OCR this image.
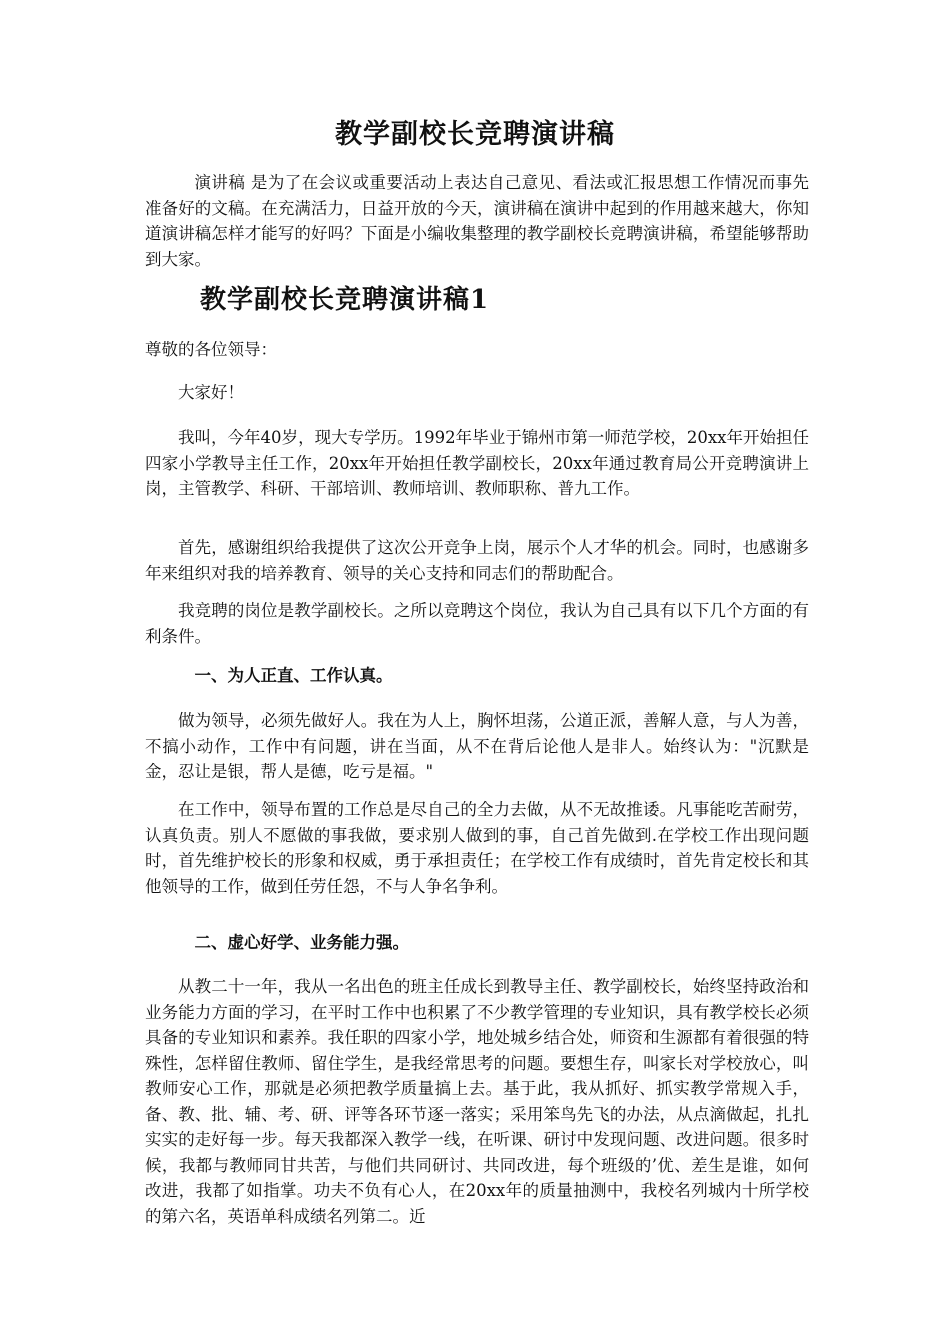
教学副校长竞聘演讲稿

演讲稿 是为了在会议或重要活动上表达自己意见、看法或汇报思想工作情况而事先准备好的文稿。在充满活力，日益开放的今天，演讲稿在演讲中起到的作用越来越大，你知道演讲稿怎样才能写的好吗？下面是小编收集整理的教学副校长竞聘演讲稿，希望能够帮助到大家。

教学副校长竞聘演讲稿1

尊敬的各位领导：

大家好！

我叫，今年40岁，现大专学历。1992年毕业于锦州市第一师范学校，20xx年开始担任四家小学教导主任工作，20xx年开始担任教学副校长，20xx年通过教育局公开竞聘演讲上岗，主管教学、科研、干部培训、教师培训、教师职称、普九工作。

首先，感谢组织给我提供了这次公开竞争上岗，展示个人才华的机会。同时，也感谢多年来组织对我的培养教育、领导的关心支持和同志们的帮助配合。

我竞聘的岗位是教学副校长。之所以竞聘这个岗位，我认为自己具有以下几个方面的有利条件。

一、为人正直、工作认真。

做为领导，必须先做好人。我在为人上，胸怀坦荡，公道正派，善解人意，与人为善，不搞小动作，工作中有问题，讲在当面，从不在背后论他人是非人。始终认为："沉默是金，忍让是银，帮人是德，吃亏是福。"

在工作中，领导布置的工作总是尽自己的全力去做，从不无故推诿。凡事能吃苦耐劳，认真负责。别人不愿做的事我做，要求别人做到的事，自己首先做到.在学校工作出现问题时，首先维护校长的形象和权威，勇于承担责任；在学校工作有成绩时，首先肯定校长和其他领导的工作，做到任劳任怨，不与人争名争利。

二、虚心好学、业务能力强。

从教二十一年，我从一名出色的班主任成长到教导主任、教学副校长，始终坚持政治和业务能力方面的学习，在平时工作中也积累了不少教学管理的专业知识，具有教学校长必须具备的专业知识和素养。我任职的四家小学，地处城乡结合处，师资和生源都有着很强的特殊性，怎样留住教师、留住学生，是我经常思考的问题。要想生存，叫家长对学校放心，叫教师安心工作，那就是必须把教学质量搞上去。基于此，我从抓好、抓实教学常规入手，备、教、批、辅、考、研、评等各环节逐一落实；采用笨鸟先飞的办法，从点滴做起，扎扎实实的走好每一步。每天我都深入教学一线，在听课、研讨中发现问题、改进问题。很多时候，我都与教师同甘共苦，与他们共同研讨、共同改进，每个班级的’优、差生是谁，如何改进，我都了如指掌。功夫不负有心人，在20xx年的质量抽测中，我校名列城内十所学校的第六名，英语单科成绩名列第二。近
